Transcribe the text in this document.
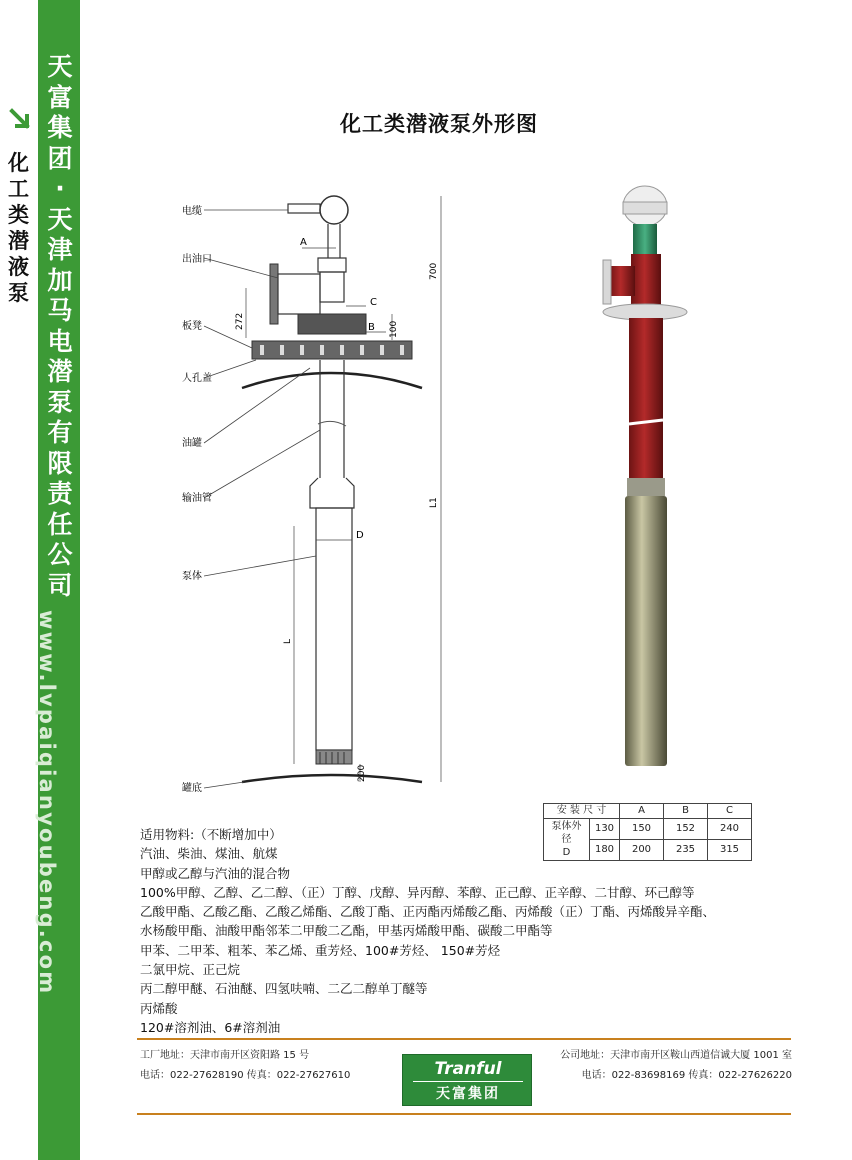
化工类潜液泵
天富集团 · 天津加马电潜泵有限责任公司
www.lvpaiqianyoubeng.com
化工类潜液泵外形图
电缆
出油口
板凳
人孔盖
油罐
输油管
泵体
罐底
A
C
B
D
272	100
700
L1
L
200
安 装 尺 寸		A	B	C
泵体外径
D	130	150	152	240
	180	200	235	315
适用物料:（不断增加中）
汽油、柴油、煤油、航煤
甲醇或乙醇与汽油的混合物
100%甲醇、乙醇、乙二醇、（正）丁醇、戊醇、异丙醇、苯醇、正己醇、正辛醇、二甘醇、环己醇等
乙酸甲酯、乙酸乙酯、乙酸乙烯酯、乙酸丁酯、正丙酯丙烯酸乙酯、丙烯酸（正）丁酯、丙烯酸异辛酯、
水杨酸甲酯、油酸甲酯邻苯二甲酸二乙酯，甲基丙烯酸甲酯、碳酸二甲酯等
甲苯、二甲苯、粗苯、苯乙烯、重芳烃、100#芳烃、 150#芳烃
二氯甲烷、正己烷
丙二醇甲醚、石油醚、四氢呋喃、二乙二醇单丁醚等
丙烯酸
120#溶剂油、6#溶剂油
工厂地址：天津市南开区资阳路 15 号
电话：022-27628190 传真：022-27627610	Tranful
天富集团
公司地址：天津市南开区鞍山西道信诚大厦 1001 室
电话：022-83698169 传真：022-27626220
